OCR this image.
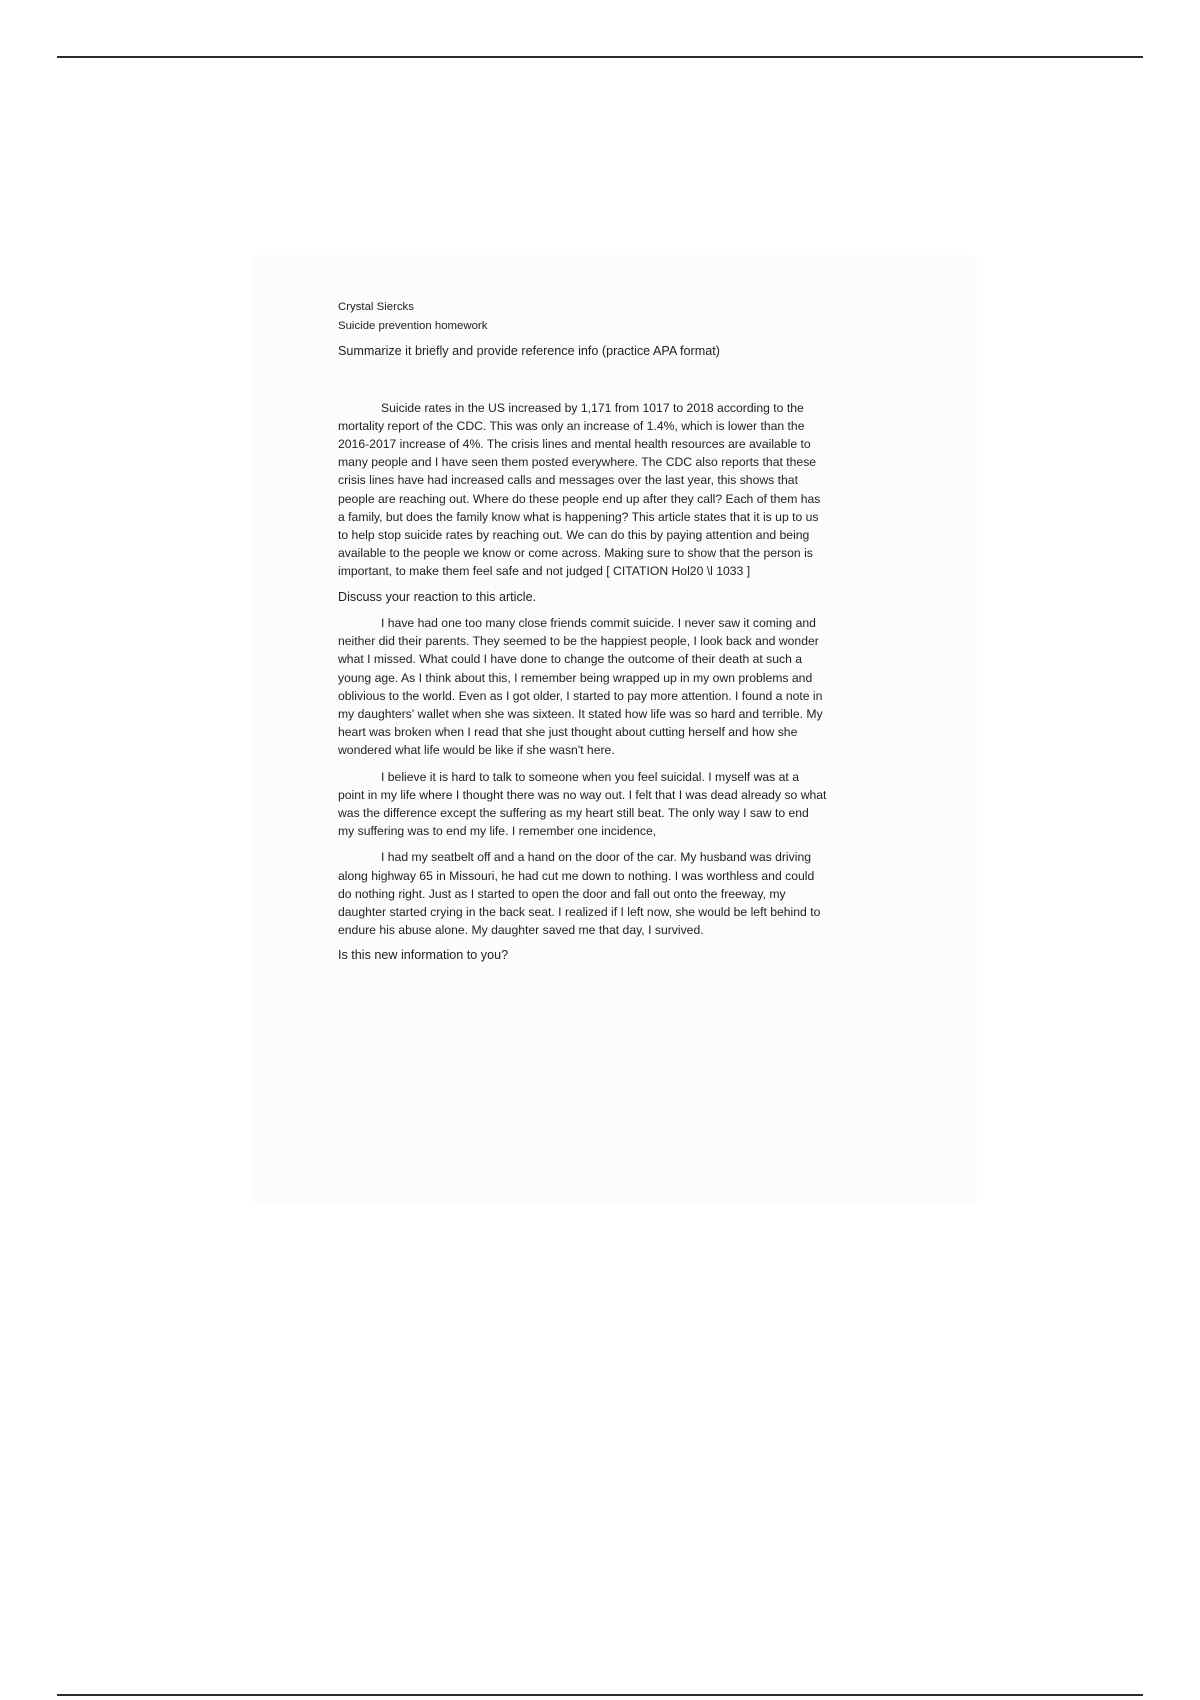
Crystal Siercks
Suicide prevention homework

Summarize it briefly and provide reference info (practice APA format)

Suicide rates in the US increased by 1,171 from 1017 to 2018 according to the mortality report of the CDC. This was only an increase of 1.4%, which is lower than the 2016-2017 increase of 4%. The crisis lines and mental health resources are available to many people and I have seen them posted everywhere. The CDC also reports that these crisis lines have had increased calls and messages over the last year, this shows that people are reaching out. Where do these people end up after they call? Each of them has a family, but does the family know what is happening? This article states that it is up to us to help stop suicide rates by reaching out. We can do this by paying attention and being available to the people we know or come across. Making sure to show that the person is important, to make them feel safe and not judged [ CITATION Hol20 \l 1033 ]

Discuss your reaction to this article.

I have had one too many close friends commit suicide. I never saw it coming and neither did their parents. They seemed to be the happiest people, I look back and wonder what I missed. What could I have done to change the outcome of their death at such a young age. As I think about this, I remember being wrapped up in my own problems and oblivious to the world. Even as I got older, I started to pay more attention. I found a note in my daughters' wallet when she was sixteen. It stated how life was so hard and terrible. My heart was broken when I read that she just thought about cutting herself and how she wondered what life would be like if she wasn't here.

I believe it is hard to talk to someone when you feel suicidal. I myself was at a point in my life where I thought there was no way out. I felt that I was dead already so what was the difference except the suffering as my heart still beat. The only way I saw to end my suffering was to end my life. I remember one incidence,

I had my seatbelt off and a hand on the door of the car. My husband was driving along highway 65 in Missouri, he had cut me down to nothing. I was worthless and could do nothing right. Just as I started to open the door and fall out onto the freeway, my daughter started crying in the back seat. I realized if I left now, she would be left behind to endure his abuse alone. My daughter saved me that day, I survived.

Is this new information to you?
